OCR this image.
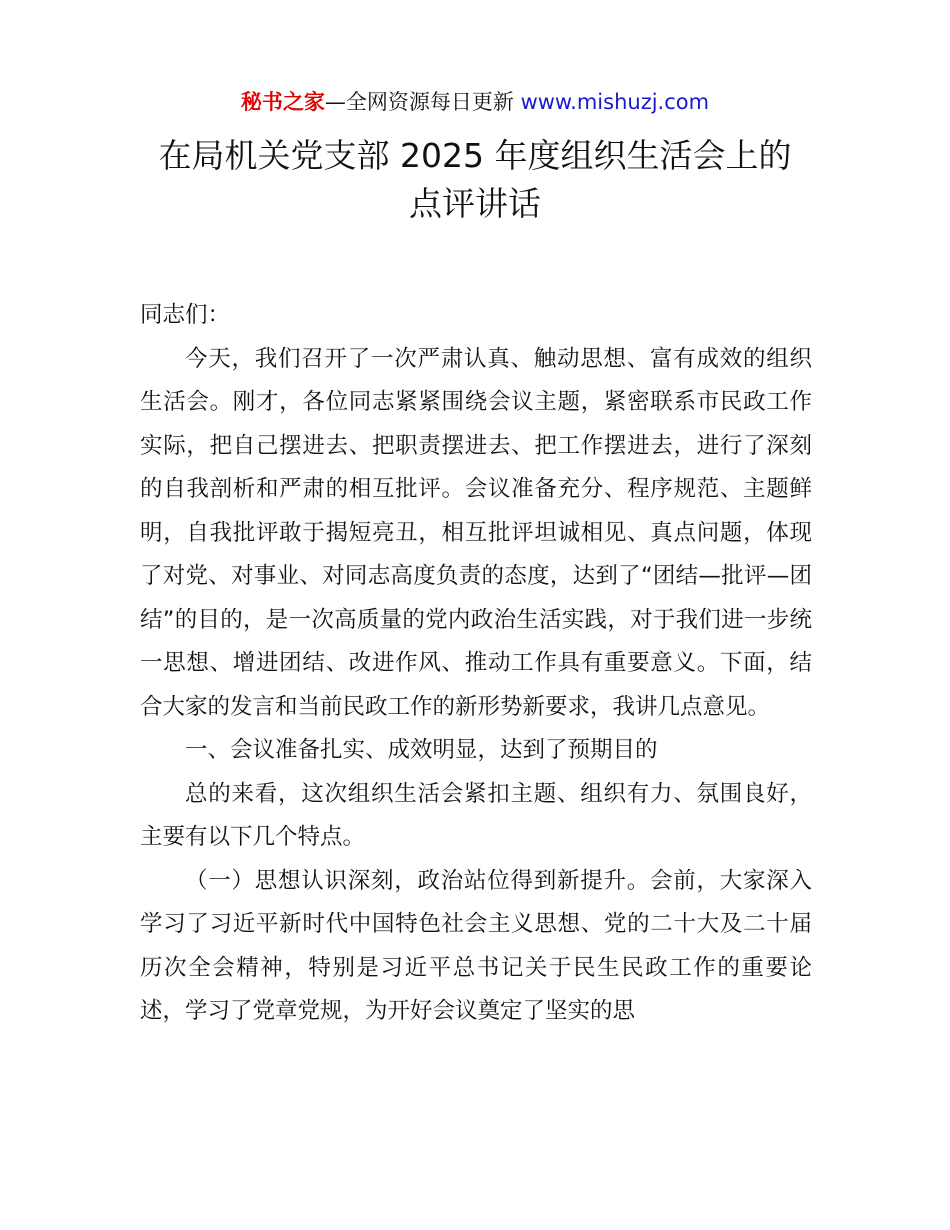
秘书之家—全网资源每日更新 www.mishuzj.com
在局机关党支部 2025 年度组织生活会上的
点评讲话

同志们：

今天，我们召开了一次严肃认真、触动思想、富有成效的组织生活会。刚才，各位同志紧紧围绕会议主题，紧密联系市民政工作实际，把自己摆进去、把职责摆进去、把工作摆进去，进行了深刻的自我剖析和严肃的相互批评。会议准备充分、程序规范、主题鲜明，自我批评敢于揭短亮丑，相互批评坦诚相见、真点问题，体现了对党、对事业、对同志高度负责的态度，达到了“团结—批评—团结”的目的，是一次高质量的党内政治生活实践，对于我们进一步统一思想、增进团结、改进作风、推动工作具有重要意义。下面，结合大家的发言和当前民政工作的新形势新要求，我讲几点意见。

一、会议准备扎实、成效明显，达到了预期目的

总的来看，这次组织生活会紧扣主题、组织有力、氛围良好，主要有以下几个特点。

（一）思想认识深刻，政治站位得到新提升。会前，大家深入学习了习近平新时代中国特色社会主义思想、党的二十大及二十届历次全会精神，特别是习近平总书记关于民生民政工作的重要论述，学习了党章党规，为开好会议奠定了坚实的思
